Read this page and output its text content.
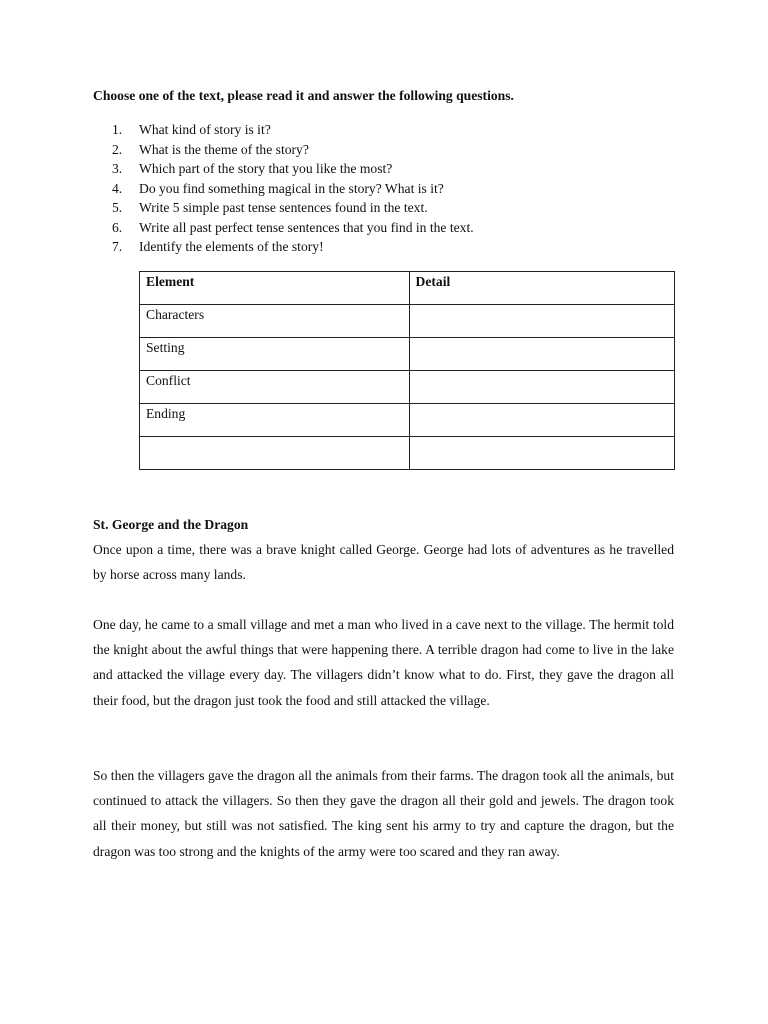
Choose one of the text, please read it and answer the following questions.
1. What kind of story is it?
2. What is the theme of the story?
3. Which part of the story that you like the most?
4. Do you find something magical in the story? What is it?
5. Write 5 simple past tense sentences found in the text.
6. Write all past perfect tense sentences that you find in the text.
7. Identify the elements of the story!
Element	Detail
Characters	
Setting	
Conflict	
Ending	

St. George and the Dragon

Once upon a time, there was a brave knight called George. George had lots of adventures as he travelled by horse across many lands.

One day, he came to a small village and met a man who lived in a cave next to the village. The hermit told the knight about the awful things that were happening there. A terrible dragon had come to live in the lake and attacked the village every day. The villagers didn’t know what to do. First, they gave the dragon all their food, but the dragon just took the food and still attacked the village.

So then the villagers gave the dragon all the animals from their farms. The dragon took all the animals, but continued to attack the villagers. So then they gave the dragon all their gold and jewels. The dragon took all their money, but still was not satisfied. The king sent his army to try and capture the dragon, but the dragon was too strong and the knights of the army were too scared and they ran away.
